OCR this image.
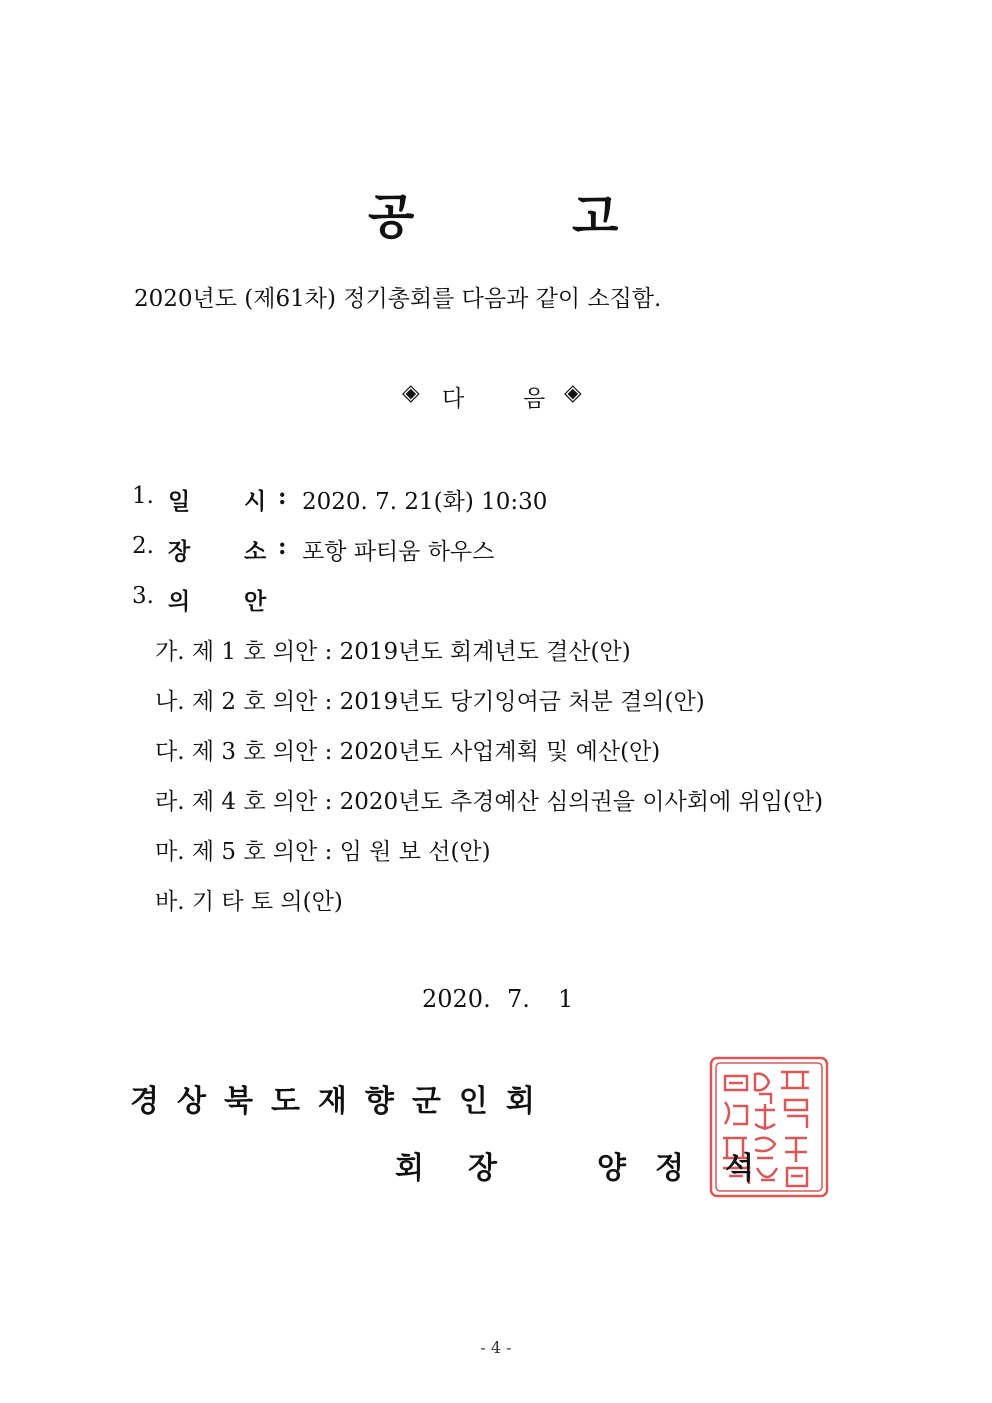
공	고
2020년도 (제61차) 정기총회를 다음과 같이 소집함.
◈ 다	음 ◈
1. 일 시 : 2020. 7. 21(화) 10:30
2. 장 소 : 포항 파티움 하우스
3. 의 안
가. 제 1 호 의안 : 2019년도 회계년도 결산(안)
나. 제 2 호 의안 : 2019년도 당기잉여금 처분 결의(안)
다. 제 3 호 의안 : 2020년도 사업계획 및 예산(안)
라. 제 4 호 의안 : 2020년도 추경예산 심의권을 이사회에 위임(안)
마. 제 5 호 의안 : 임 원 보 선(안)
바. 기 타 토 의(안)
2020. 7. 1
경상북도재향군인회
회 장	양 정 석
- 4 -
